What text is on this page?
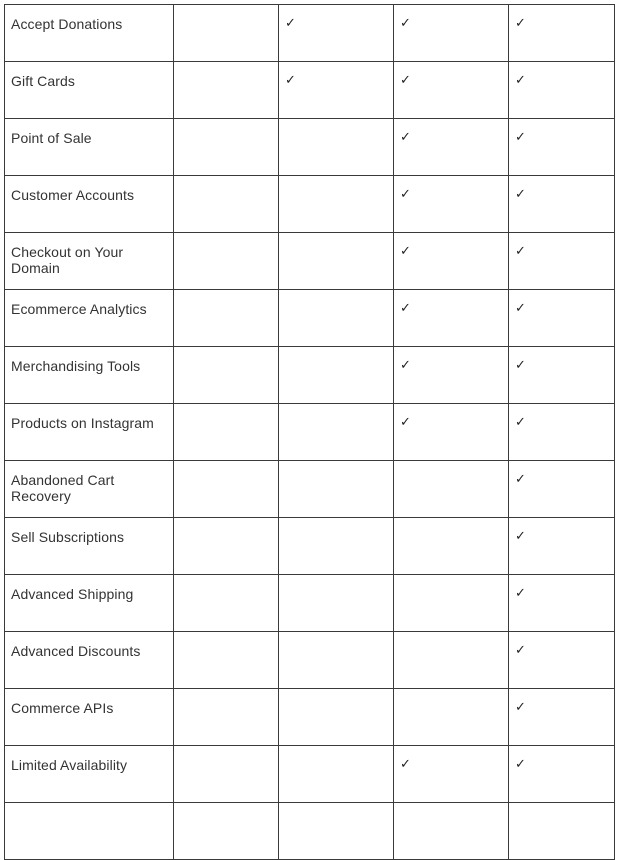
Accept Donations		✓	✓	✓
Gift Cards		✓	✓	✓
Point of Sale			✓	✓
Customer Accounts			✓	✓
Checkout on Your Domain			✓	✓
Ecommerce Analytics			✓	✓
Merchandising Tools			✓	✓
Products on Instagram			✓	✓
Abandoned Cart Recovery				✓
Sell Subscriptions				✓
Advanced Shipping				✓
Advanced Discounts				✓
Commerce APIs				✓
Limited Availability			✓	✓
